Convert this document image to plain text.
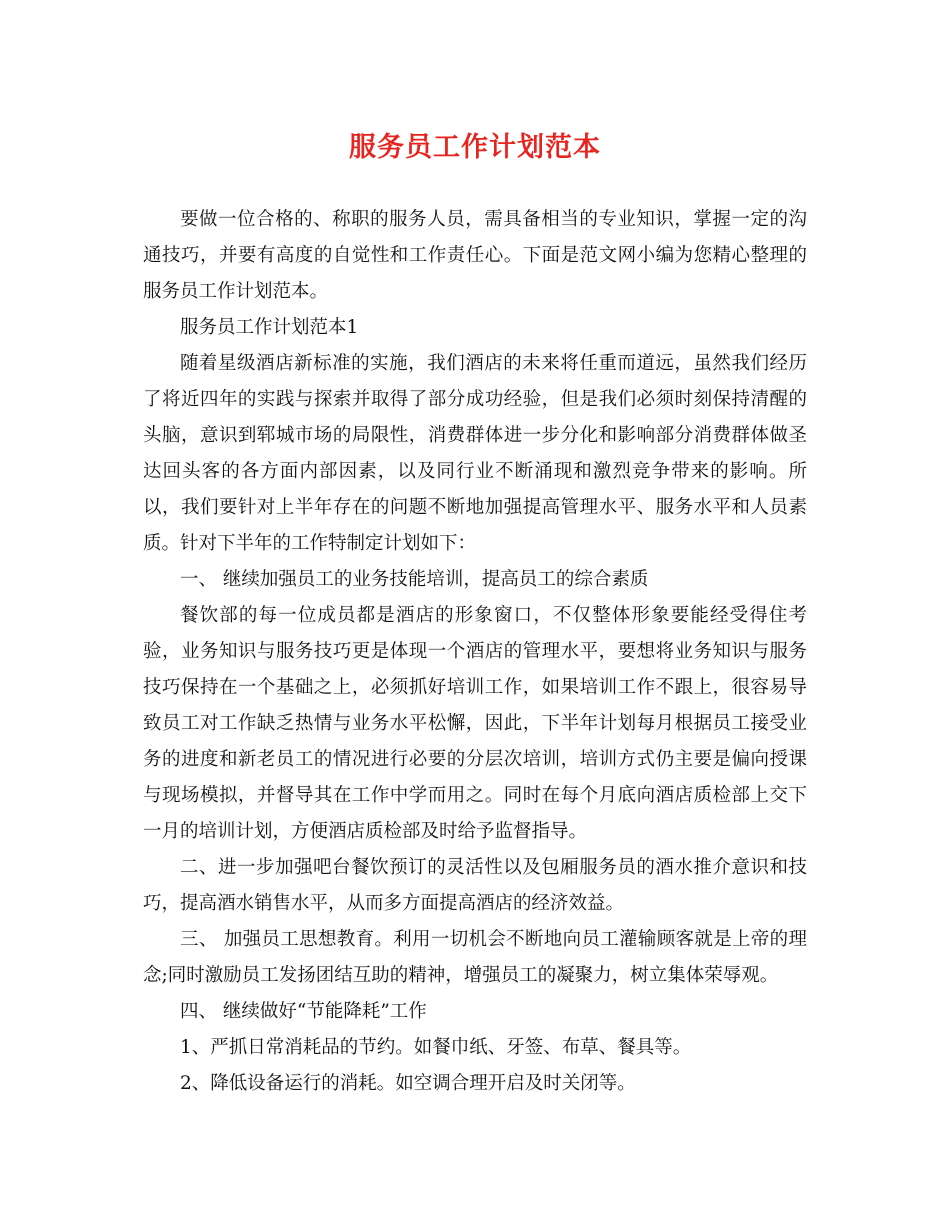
服务员工作计划范本

要做一位合格的、称职的服务人员，需具备相当的专业知识，掌握一定的沟通技巧，并要有高度的自觉性和工作责任心。下面是范文网小编为您精心整理的服务员工作计划范本。

服务员工作计划范本1

随着星级酒店新标准的实施，我们酒店的未来将任重而道远，虽然我们经历了将近四年的实践与探索并取得了部分成功经验，但是我们必须时刻保持清醒的头脑，意识到郓城市场的局限性，消费群体进一步分化和影响部分消费群体做圣达回头客的各方面内部因素，以及同行业不断涌现和激烈竞争带来的影响。所以，我们要针对上半年存在的问题不断地加强提高管理水平、服务水平和人员素质。针对下半年的工作特制定计划如下：

一、 继续加强员工的业务技能培训，提高员工的综合素质

餐饮部的每一位成员都是酒店的形象窗口，不仅整体形象要能经受得住考验，业务知识与服务技巧更是体现一个酒店的管理水平，要想将业务知识与服务技巧保持在一个基础之上，必须抓好培训工作，如果培训工作不跟上，很容易导致员工对工作缺乏热情与业务水平松懈，因此，下半年计划每月根据员工接受业务的进度和新老员工的情况进行必要的分层次培训，培训方式仍主要是偏向授课与现场模拟，并督导其在工作中学而用之。同时在每个月底向酒店质检部上交下一月的培训计划，方便酒店质检部及时给予监督指导。

二、进一步加强吧台餐饮预订的灵活性以及包厢服务员的酒水推介意识和技巧，提高酒水销售水平，从而多方面提高酒店的经济效益。

三、 加强员工思想教育。利用一切机会不断地向员工灌输顾客就是上帝的理念;同时激励员工发扬团结互助的精神，增强员工的凝聚力，树立集体荣辱观。

四、 继续做好“节能降耗”工作

1、严抓日常消耗品的节约。如餐巾纸、牙签、布草、餐具等。

2、降低设备运行的消耗。如空调合理开启及时关闭等。
